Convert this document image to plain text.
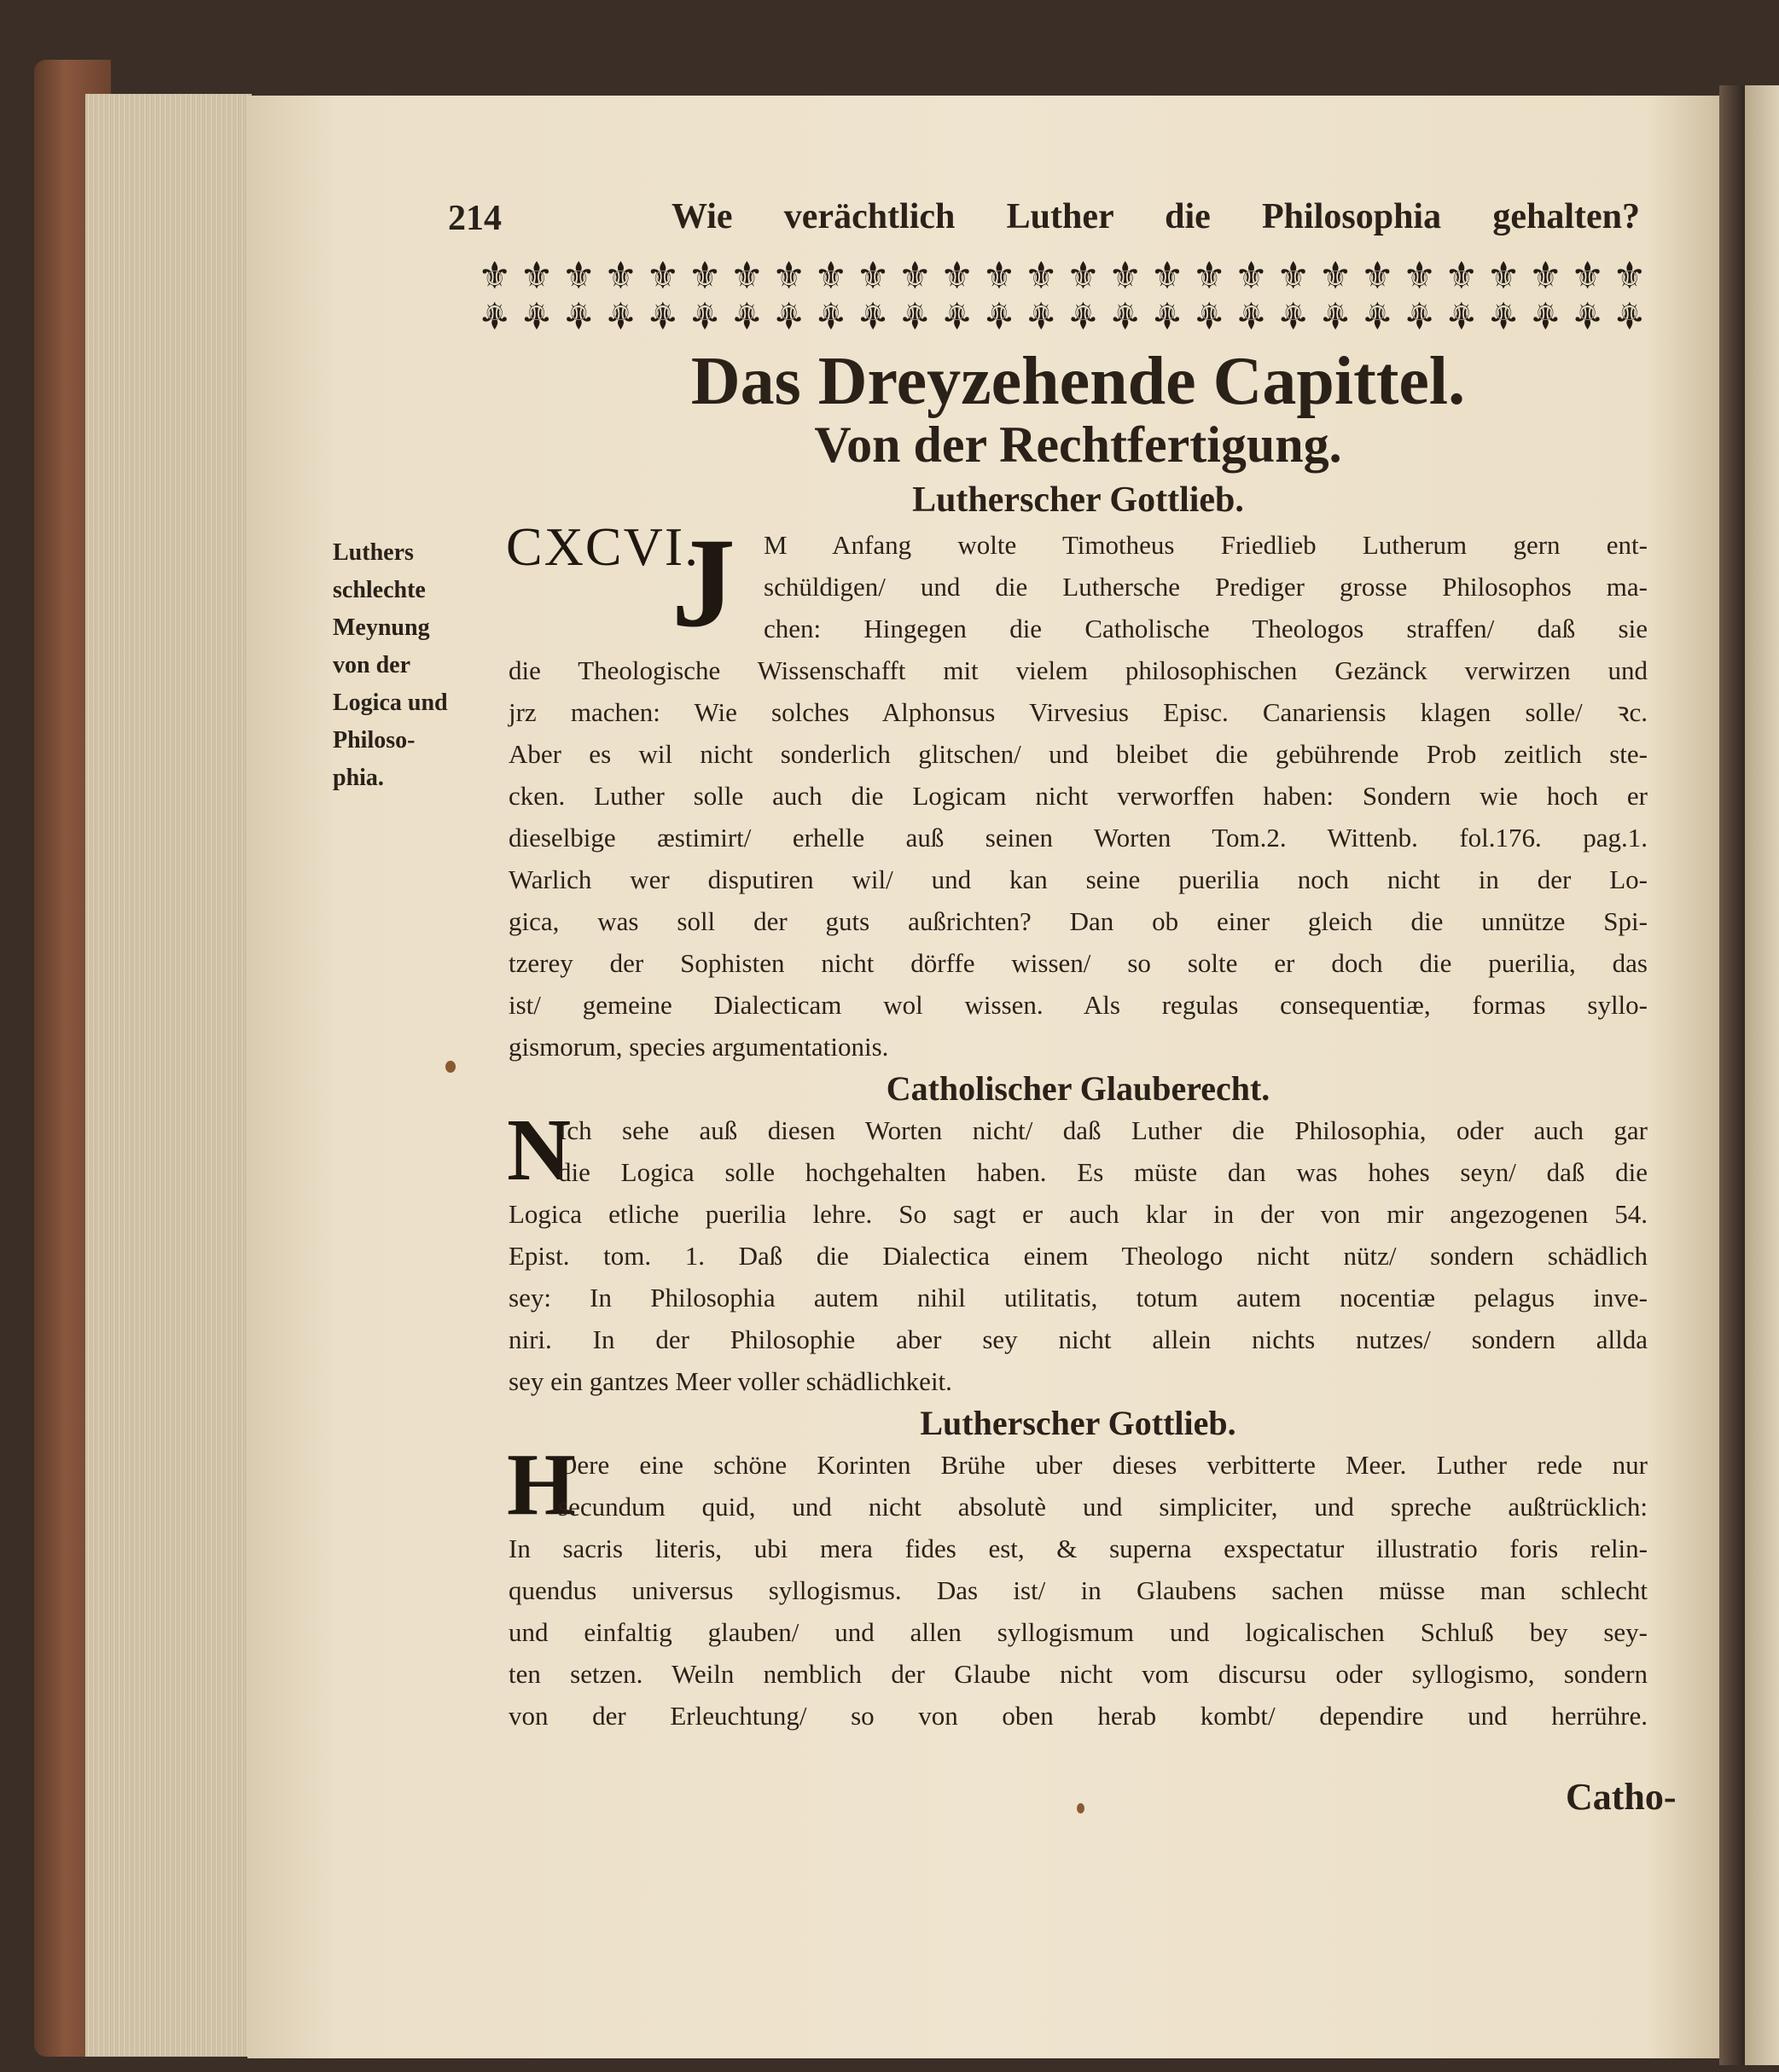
214	Wie verächtlich Luther die Philosophia gehalten?
⚜ ⚜ ⚜ ⚜ ⚜ ⚜ ⚜ ⚜ ⚜ ⚜ ⚜ ⚜ ⚜ ⚜ ⚜ ⚜ ⚜ ⚜ ⚜ ⚜ ⚜ ⚜ ⚜ ⚜ ⚜ ⚜ ⚜ ⚜
⚜ ⚜ ⚜ ⚜ ⚜ ⚜ ⚜ ⚜ ⚜ ⚜ ⚜ ⚜ ⚜ ⚜ ⚜ ⚜ ⚜ ⚜ ⚜ ⚜ ⚜ ⚜ ⚜ ⚜ ⚜ ⚜ ⚜ ⚜
Das Dreyzehende Capittel.
Von der Rechtfertigung.
Lutherscher Gottlieb.
Luthers
schlechte
Meynung
von der
Logica und
Philoso-
phia.
CXCVI.
J M Anfang wolte Timotheus Friedlieb Lutherum gern ent-
schüldigen/ und die Luthersche Prediger grosse Philosophos ma-
chen: Hingegen die Catholische Theologos straffen/ daß sie
die Theologische Wissenschafft mit vielem philosophischen Gezänck verwirzen und
jrz machen: Wie solches Alphonsus Virvesius Episc. Canariensis klagen solle/ ꝛc.
Aber es wil nicht sonderlich glitschen/ und bleibet die gebührende Prob zeitlich ste-
cken. Luther solle auch die Logicam nicht verworffen haben: Sondern wie hoch er
dieselbige æstimirt/ erhelle auß seinen Worten Tom.2. Wittenb. fol.176. pag.1.
Warlich wer disputiren wil/ und kan seine puerilia noch nicht in der Lo-
gica, was soll der guts außrichten? Dan ob einer gleich die unnütze Spi-
tzerey der Sophisten nicht dörffe wissen/ so solte er doch die puerilia, das
ist/ gemeine Dialecticam wol wissen. Als regulas consequentiæ, formas syllo-
gismorum, species argumentationis.
Catholischer Glauberecht.
N
Ich sehe auß diesen Worten nicht/ daß Luther die Philosophia, oder auch gar
die Logica solle hochgehalten haben. Es müste dan was hohes seyn/ daß die
Logica etliche puerilia lehre. So sagt er auch klar in der von mir angezogenen 54.
Epist. tom. 1. Daß die Dialectica einem Theologo nicht nütz/ sondern schädlich
sey: In Philosophia autem nihil utilitatis, totum autem nocentiæ pelagus inve-
niri. In der Philosophie aber sey nicht allein nichts nutzes/ sondern allda
sey ein gantzes Meer voller schädlichkeit.
Lutherscher Gottlieb.
H
Oere eine schöne Korinten Brühe uber dieses verbitterte Meer. Luther rede nur
secundum quid, und nicht absolutè und simpliciter, und spreche außtrücklich:
In sacris literis, ubi mera fides est, & superna exspectatur illustratio foris relin-
quendus universus syllogismus. Das ist/ in Glaubens sachen müsse man schlecht
und einfaltig glauben/ und allen syllogismum und logicalischen Schluß bey sey-
ten setzen. Weiln nemblich der Glaube nicht vom discursu oder syllogismo, sondern
von der Erleuchtung/ so von oben herab kombt/ dependire und herrühre.
Catho-
